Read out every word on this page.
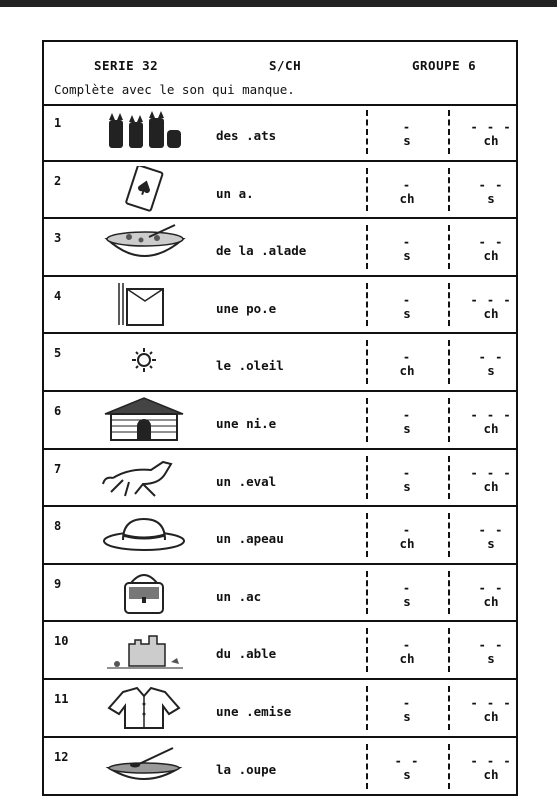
SERIE 32	S/CH	GROUPE 6
Complète avec le son qui manque.
1
des .ats
-
s
- - -
ch
2
un a.
-
ch
- -
s
3
de la .alade
-
s
- -
ch
4
une po.e
-
s
- - -
ch
5
le .oleil
-
ch
- -
s
6
une ni.e
-
s
- - -
ch
7
un .eval
-
s
- - -
ch
8
un .apeau
-
ch
- -
s
9
un .ac
-
s
- -
ch
10
du .able
-
ch
- -
s
11
une .emise
-
s
- - -
ch
12
la .oupe
- -
s
- - -
ch
